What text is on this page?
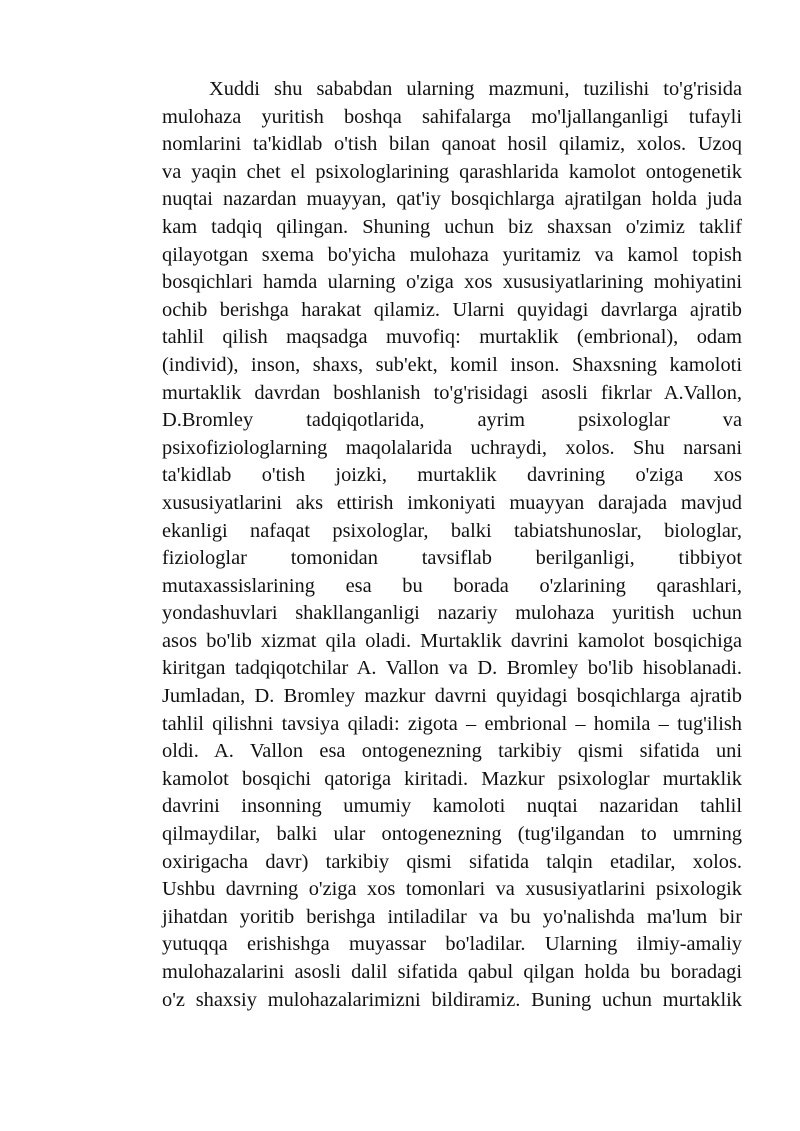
Xuddi shu sababdan ularning mazmuni, tuzilishi to'g'risida
mulohaza yuritish boshqa sahifalarga mo'ljallanganligi tufayli
nomlarini ta'kidlab o'tish bilan qanoat hosil qilamiz, xolos. Uzoq
va yaqin chet el psixologlarining qarashlarida kamolot ontogenetik
nuqtai nazardan muayyan, qat'iy bosqichlarga ajratilgan holda juda
kam tadqiq qilingan. Shuning uchun biz shaxsan o'zimiz taklif
qilayotgan sxema bo'yicha mulohaza yuritamiz va kamol topish
bosqichlari hamda ularning o'ziga xos xususiyatlarining mohiyatini
ochib berishga harakat qilamiz. Ularni quyidagi davrlarga ajratib
tahlil qilish maqsadga muvofiq: murtaklik (embrional), odam
(individ), inson, shaxs, sub'ekt, komil inson. Shaxsning kamoloti
murtaklik davrdan boshlanish to'g'risidagi asosli fikrlar A.Vallon,
D.Bromley tadqiqotlarida, ayrim psixologlar va
psixofiziologlarning maqolalarida uchraydi, xolos. Shu narsani
ta'kidlab o'tish joizki, murtaklik davrining o'ziga xos
xususiyatlarini aks ettirish imkoniyati muayyan darajada mavjud
ekanligi nafaqat psixologlar, balki tabiatshunoslar, biologlar,
fiziologlar tomonidan tavsiflab berilganligi, tibbiyot
mutaxassislarining esa bu borada o'zlarining qarashlari,
yondashuvlari shakllanganligi nazariy mulohaza yuritish uchun
asos bo'lib xizmat qila oladi. Murtaklik davrini kamolot bosqichiga
kiritgan tadqiqotchilar A. Vallon va D. Bromley bo'lib hisoblanadi.
Jumladan, D. Bromley mazkur davrni quyidagi bosqichlarga ajratib
tahlil qilishni tavsiya qiladi: zigota – embrional – homila – tug'ilish
oldi. A. Vallon esa ontogenezning tarkibiy qismi sifatida uni
kamolot bosqichi qatoriga kiritadi. Mazkur psixologlar murtaklik
davrini insonning umumiy kamoloti nuqtai nazaridan tahlil
qilmaydilar, balki ular ontogenezning (tug'ilgandan to umrning
oxirigacha davr) tarkibiy qismi sifatida talqin etadilar, xolos.
Ushbu davrning o'ziga xos tomonlari va xususiyatlarini psixologik
jihatdan yoritib berishga intiladilar va bu yo'nalishda ma'lum bir
yutuqqa erishishga muyassar bo'ladilar. Ularning ilmiy-amaliy
mulohazalarini asosli dalil sifatida qabul qilgan holda bu boradagi
o'z shaxsiy mulohazalarimizni bildiramiz. Buning uchun murtaklik
